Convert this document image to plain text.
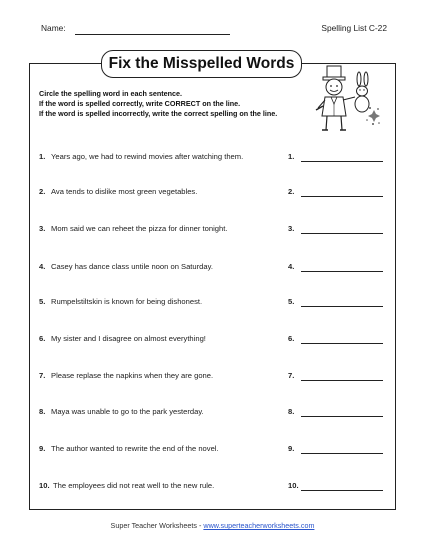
Name:	Spelling List C-22
Fix the Misspelled Words
Circle the spelling word in each sentence.
If the word is spelled correctly, write CORRECT on the line.
If the word is spelled incorrectly, write the correct spelling on the line.
1. Years ago, we had to rewind movies after watching them.	1.
2. Ava tends to dislike most green vegetables.	2.
3. Mom said we can reheet the pizza for dinner tonight.	3.
4. Casey has dance class untile noon on Saturday.	4.
5. Rumpelstiltskin is known for being dishonest.	5.
6. My sister and I disagree on almost everything!	6.
7. Please replase the napkins when they are gone.	7.
8. Maya was unable to go to the park yesterday.	8.
9. The author wanted to rewrite the end of the novel.	9.
10. The employees did not reat well to the new rule.	10.
Super Teacher Worksheets - www.superteacherworksheets.com
